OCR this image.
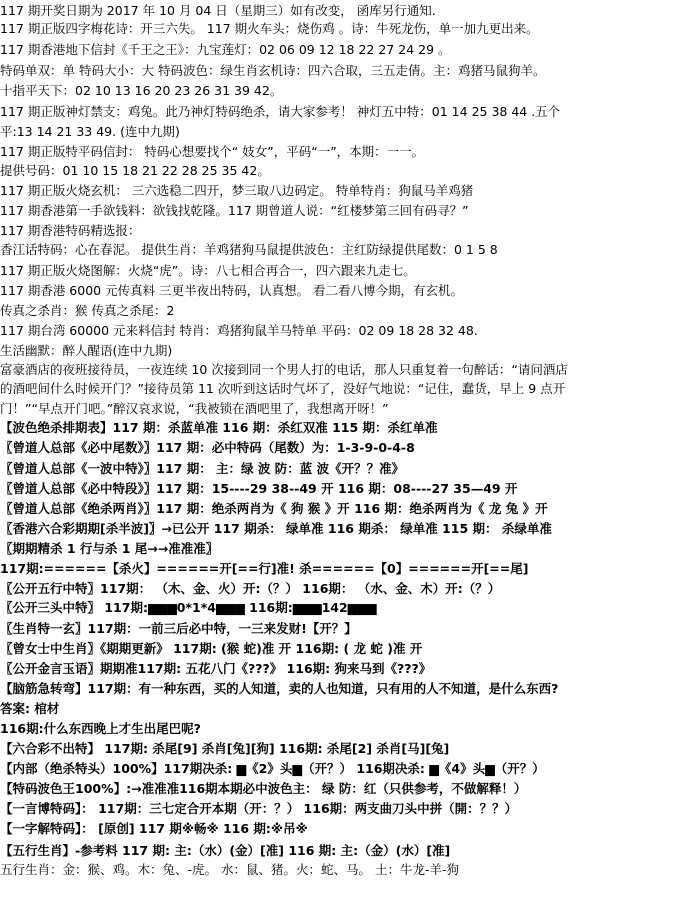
117 期开奖日期为 2017 年 10 月 04 日（星期三）如有改变， 函库另行通知.
117 期正版四字梅花诗：开三六失。 117 期火车头：烧伤鸡 。诗：牛死龙伤，单一加九更出来。
117 期香港地下信封《千王之王》：九宝莲灯：02 06 09 12 18 22 27 24 29 。
特码单双：单 特码大小：大 特码波色：绿生肖玄机诗：四六合取，三五走倩。主：鸡猪马鼠狗羊。
十指平天下：02 10 13 16 20 23 26 31 39 42。
117 期正版神灯禁支：鸡兔。此乃神灯特码绝杀，请大家参考！ 神灯五中特：01 14 25 38 44 .五个
平:13 14 21 33 49. (连中九期)
117 期正版特平码信封： 特码心想要找个“ 妓女”，平码“一”，本期：一一。
提供号码：01 10 15 18 21 22 28 25 35 42。
117 期正版火烧玄机： 三六选稳二四开，梦三取八边码定。 特单特肖：狗鼠马羊鸡猪
117 期香港第一手欲钱料：欲钱找乾隆。117 期曾道人说：“红楼梦第三回有码寻？”
117 期香港特码精选报：
香江话特码：心在春泥。 提供生肖：羊鸡猪狗马鼠提供波色：主红防绿提供尾数：0 1 5 8
117 期正版火烧图解：火烧“虎”。诗：八七相合再合一，四六跟来九走七。
117 期香港 6000 元传真料 三更半夜出特码，认真想。 看二看八博今期，有玄机。
传真之杀肖：猴 传真之杀尾：2
117 期台湾 60000 元来料信封 特肖：鸡猪狗鼠羊马特单 平码：02 09 18 28 32 48.
生活幽默：醉人醒语(连中九期)
富豪酒店的夜班接待员，一夜连续 10 次接到同一个男人打的电话，那人只重复着一句醉话：“请问酒店
的酒吧间什么时候开门？”接待员第 11 次听到这话时气坏了，没好气地说：“记住，蠢货，早上 9 点开
门！”“早点开门吧。”醉汉哀求说，“我被锁在酒吧里了，我想离开呀！”
【波色绝杀排期表】117 期：杀蓝单准 116 期：杀红双准 115 期：杀红单准
〖曾道人总部《必中尾数》〗117 期：必中特码（尾数）为：1-3-9-0-4-8
〖曾道人总部《一波中特》〗117 期： 主：绿 波 防：蓝 波《开？？准》
〖曾道人总部《必中特段》〗117 期：15----29 38--49 开 116 期：08----27 35—49 开
〖曾道人总部《绝杀两肖》〗117 期：绝杀两肖为《 狗 猴 》开 116 期：绝杀两肖为《 龙 兔 》开
〖香港六合彩期期[杀半波]〗→已公开 117 期杀： 绿单准 116 期杀： 绿单准 115 期： 杀绿单准
〖期期精杀 1 行与杀 1 尾→→准准准〗
117期:======【杀火】======开[==行]准! 杀======【0】======开[==尾]
〖公开五行中特〗117期： （木、金、火）开:（？） 116期： （水、金、木）开:（？）
〖公开三头中特〗 117期:▆▆▆0*1*4▆▆▆ 116期:▆▆▆142▆▆▆
〖生肖特一玄〗117期：一前三后必中特，一三来发财!【开？】
〖曾女士中生肖〗《期期更新》 117期: (猴 蛇)准 开 116期: ( 龙 蛇 )准 开
〖公开金言玉语〗期期准117期: 五花八门《???》 116期: 狗来马到《???》
【脑筋急转弯】117期：有一种东西，买的人知道，卖的人也知道，只有用的人不知道，是什么东西?
答案: 棺材
116期:什么东西晚上才生出尾巴呢?
【六合彩不出特】 117期: 杀尾[9] 杀肖[兔][狗] 116期: 杀尾[2] 杀肖[马][兔]
【内部（绝杀特头）100%】117期决杀: ▆《2》头▆（开？） 116期决杀: ▆《4》头▆（开？）
【特码波色王100%】:→准准准116期本期必中波色主： 绿 防：红（只供参考，不做解释！）
【一言博特码】： 117期：三七定合开本期（开：？） 116期：两支曲刀头中拼（開：？？）
【一字解特码】： [原创] 117 期※畅※ 116 期:※吊※
【五行生肖】-参考料 117 期: 主:（水）(金）[准] 116 期: 主:（金）(水）[准]
五行生肖：金：猴、鸡。木：兔、-虎。 水：鼠、猪。火：蛇、马。 土：牛龙-羊-狗
